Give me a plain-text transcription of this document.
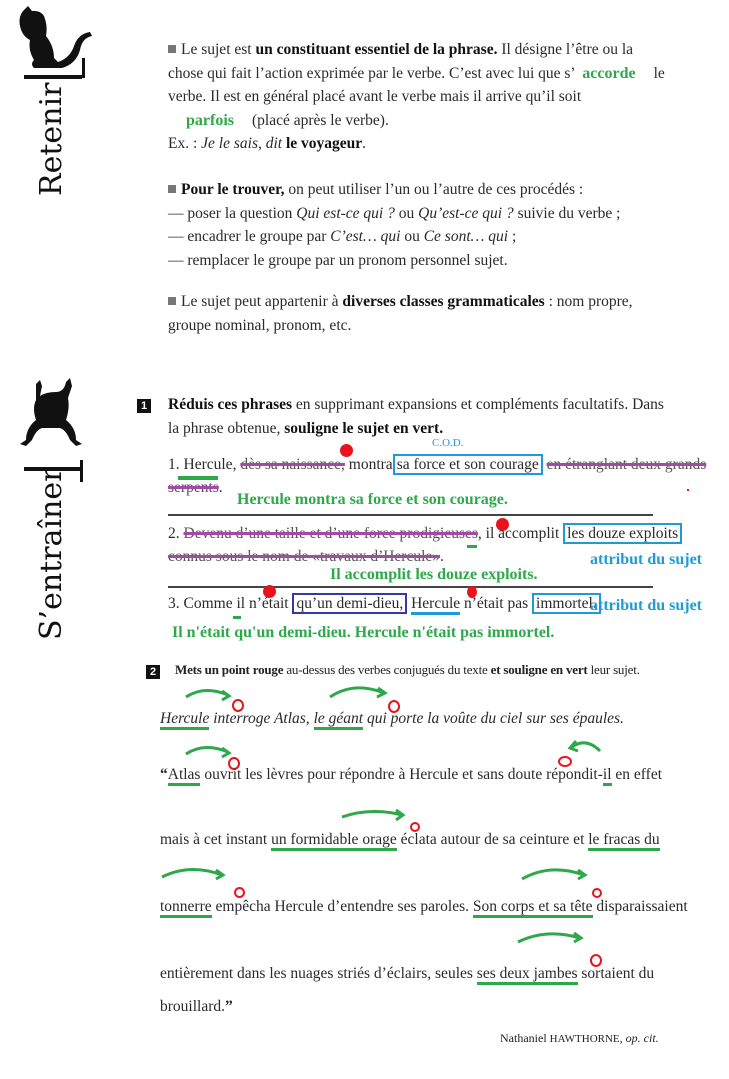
Retenir
S’entraîner
Le sujet est un constituant essentiel de la phrase. Il désigne l’être ou la chose qui fait l’action exprimée par le verbe. C’est avec lui que s’ accorde le verbe. Il est en général placé avant le verbe mais il arrive qu’il soit parfois (placé après le verbe).
Ex. : Je le sais, dit le voyageur.
Pour le trouver, on peut utiliser l’un ou l’autre de ces procédés :
— poser la question Qui est-ce qui ? ou Qu’est-ce qui ? suivie du verbe ;
— encadrer le groupe par C’est… qui ou Ce sont… qui ;
— remplacer le groupe par un pronom personnel sujet.
Le sujet peut appartenir à diverses classes grammaticales : nom propre, groupe nominal, pronom, etc.
1 Réduis ces phrases en supprimant expansions et compléments facultatifs. Dans la phrase obtenue, souligne le sujet en vert.
C.O.D.
1. Hercule, dès sa naissance, montra sa force et son courage en étranglant deux grands
serpents.
Hercule montra sa force et son courage.
2. Devenu d’une taille et d’une force prodigieuses, il accomplit les douze exploits
connus sous le nom de «travaux d’Hercule».	attribut du sujet
Il accomplit les douze exploits.
3. Comme il n’était qu’un demi-dieu, Hercule n’était pas immortel.
attribut du sujet
Il n'était qu'un demi-dieu. Hercule n'était pas immortel.
2	Mets un point rouge au-dessus des verbes conjugués du texte et souligne en vert leur sujet.
Hercule interroge Atlas, le géant qui porte la voûte du ciel sur ses épaules.
“Atlas ouvrit les lèvres pour répondre à Hercule et sans doute répondit-il en effet
mais à cet instant un formidable orage éclata autour de sa ceinture et le fracas du
tonnerre empêcha Hercule d’entendre ses paroles. Son corps et sa tête disparaissaient
entièrement dans les nuages striés d’éclairs, seules ses deux jambes sortaient du
brouillard.”
Nathaniel HAWTHORNE, op. cit.
